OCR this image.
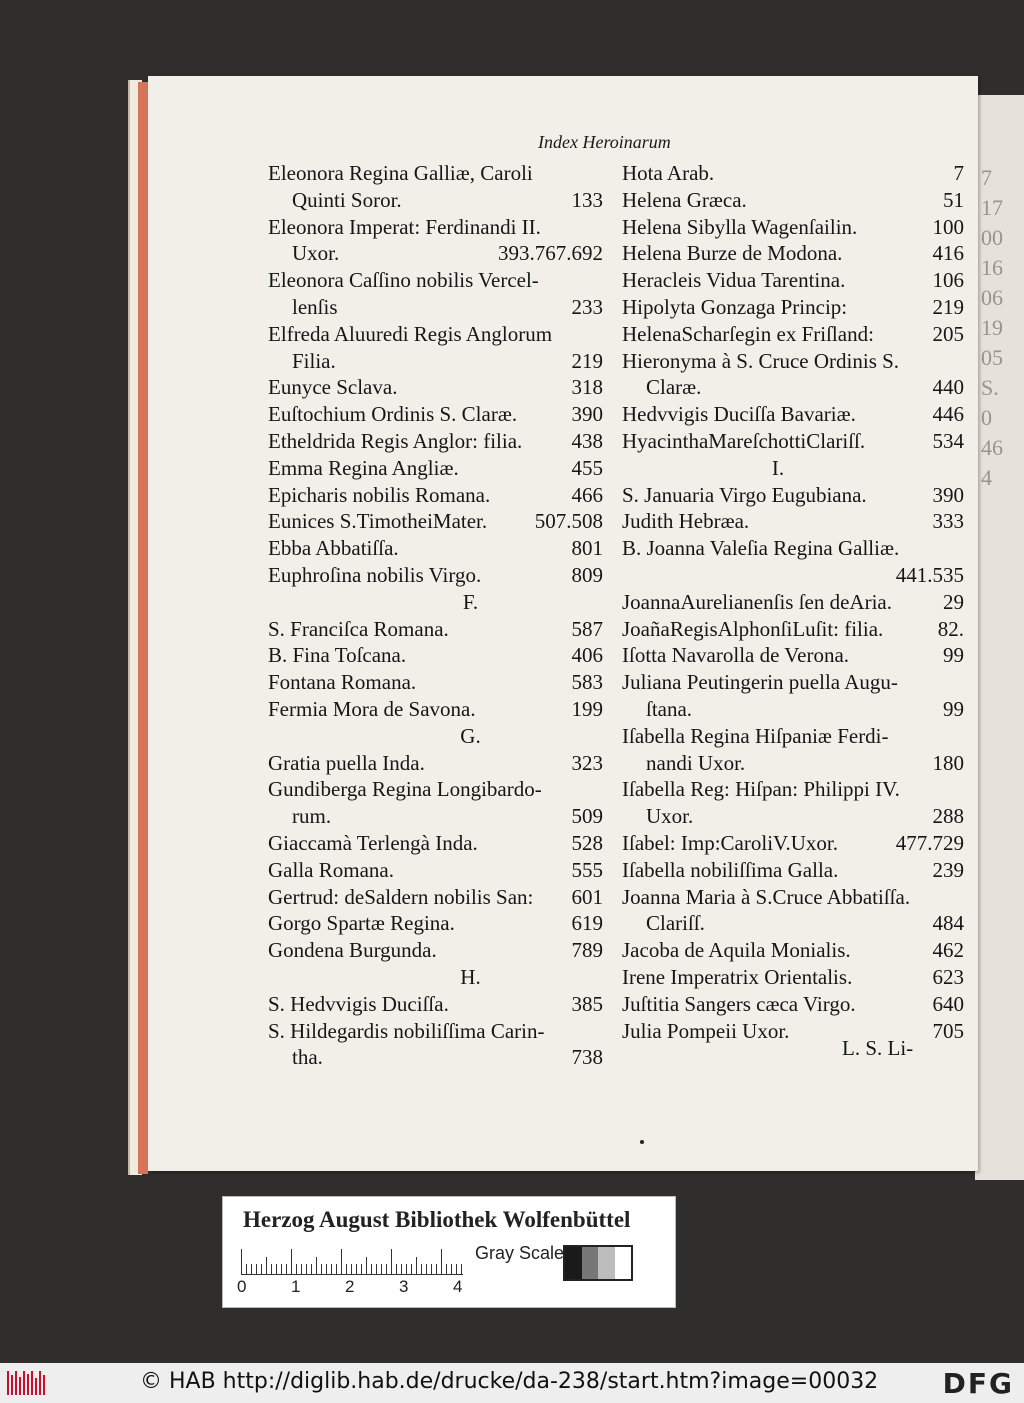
7
17
00
16
06
19
05
S.
0
46
4
Index Heroinarum
Eleonora Regina Galliæ, Caroli
Quinti Soror.	133
Eleonora Imperat: Ferdinandi II.
Uxor.	393.767.692
Eleonora Caſſino nobilis Vercel-
lenſis	233
Elfreda Aluuredi Regis Anglorum
Filia.	219
Eunyce Sclava.	318
Euſtochium Ordinis S. Claræ.	390
Etheldrida Regis Anglor: filia. 438
Emma Regina Angliæ.	455
Epicharis nobilis Romana.	466
Eunices S.TimotheiMater. 507.508
Ebba Abbatiſſa.	801
Euphroſina nobilis Virgo.	809
F.
S. Franciſca Romana.	587
B. Fina Toſcana.	406
Fontana Romana.	583
Fermia Mora de Savona.	199
G.
Gratia puella Inda.	323
Gundiberga Regina Longibardo-
rum.	509
Giaccamà Terlengà Inda.	528
Galla Romana.	555
Gertrud: deSaldern nobilis San: 601
Gorgo Spartæ Regina.	619
Gondena Burgunda.	789
H.
S. Hedvvigis Duciſſa.	385
S. Hildegardis nobiliſſima Carin-
tha.	738
Hota Arab.	7
Helena Græca.	51
Helena Sibylla Wagenſailin.	100
Helena Burze de Modona.	416
Heracleis Vidua Tarentina.	106
Hipolyta Gonzaga Princip:	219
HelenaScharſegin ex Friſland:	205
Hieronyma à S. Cruce Ordinis S.
Claræ.	440
Hedvvigis Duciſſa Bavariæ.	446
HyacinthaMareſchottiClariſſ.	534
I.
S. Januaria Virgo Eugubiana.	390
Judith Hebræa.	333
B. Joanna Valeſia Regina Galliæ.
441.535
JoannaAurelianenſis ſen deAria. 29
JoañaRegisAlphonſiLuſit: filia.	82.
Iſotta Navarolla de Verona.	99
Juliana Peutingerin puella Augu-
ſtana.	99
Iſabella Regina Hiſpaniæ Ferdi-
nandi Uxor.	180
Iſabella Reg: Hiſpan: Philippi IV.
Uxor.	288
Iſabel: Imp:CaroliV.Uxor.	477.729
Iſabella nobiliſſima Galla.	239
Joanna Maria à S.Cruce Abbatiſſa.
Clariſſ.	484
Jacoba de Aquila Monialis.	462
Irene Imperatrix Orientalis.	623
Juſtitia Sangers cæca Virgo.	640
Julia Pompeii Uxor.	705
L. S. Li-
Herzog August Bibliothek Wolfenbüttel
Gray Scale
0	1	2	3	4
© HAB http://diglib.hab.de/drucke/da-238/start.htm?image=00032 DFG
